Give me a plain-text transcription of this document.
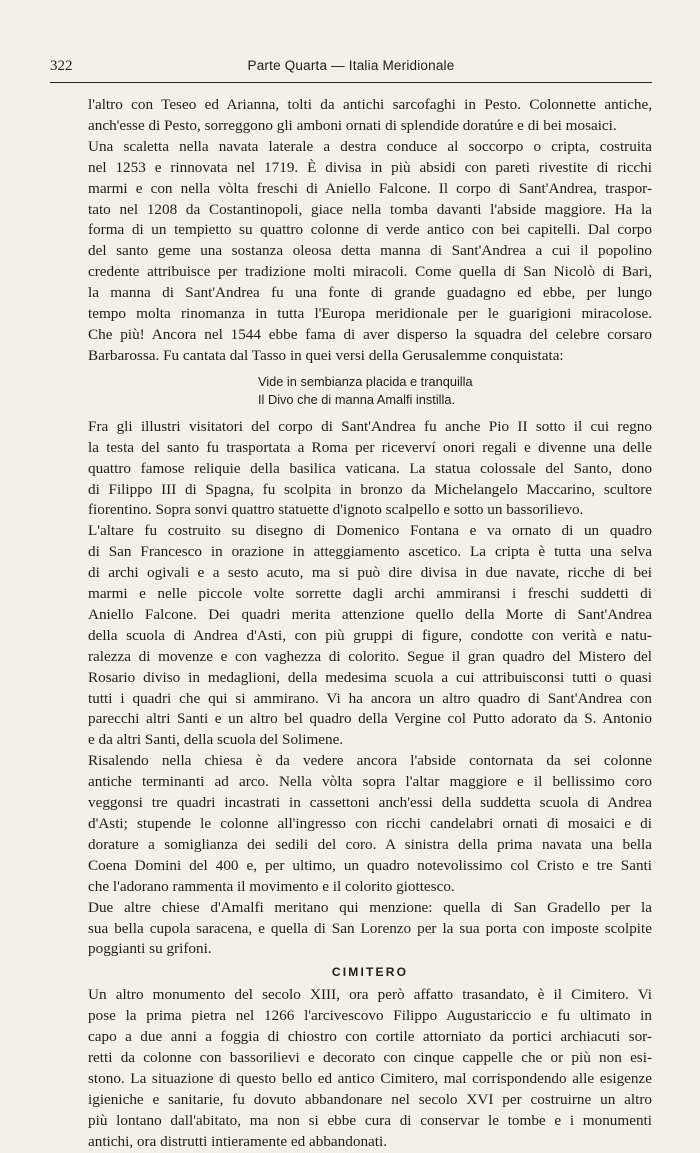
322	Parte Quarta — Italia Meridionale

l'altro con Teseo ed Arianna, tolti da antichi sarcofaghi in Pesto. Colonnette antiche,
anch'esse di Pesto, sorreggono gli amboni ornati di splendide doratúre e di bei mosaici.

Una scaletta nella navata laterale a destra conduce al soccorpo o cripta, costruita
nel 1253 e rinnovata nel 1719. È divisa in più absidi con pareti rivestite di ricchi
marmi e con nella vòlta freschi di Aniello Falcone. Il corpo di Sant'Andrea, traspor-
tato nel 1208 da Costantinopoli, giace nella tomba davanti l'abside maggiore. Ha la
forma di un tempietto su quattro colonne di verde antico con bei capitelli. Dal corpo
del santo geme una sostanza oleosa detta manna di Sant'Andrea a cui il popolino
credente attribuisce per tradizione molti miracoli. Come quella di San Nicolò di Bari,
la manna di Sant'Andrea fu una fonte di grande guadagno ed ebbe, per lungo
tempo molta rinomanza in tutta l'Europa meridionale per le guarigioni miracolose.
Che più! Ancora nel 1544 ebbe fama di aver disperso la squadra del celebre corsaro
Barbarossa. Fu cantata dal Tasso in quei versi della Gerusalemme conquistata:

Vide in sembianza placida e tranquilla
Il Divo che di manna Amalfi instilla.

Fra gli illustri visitatori del corpo di Sant'Andrea fu anche Pio II sotto il cui regno
la testa del santo fu trasportata a Roma per riceverví onori regali e divenne una delle
quattro famose reliquie della basilica vaticana. La statua colossale del Santo, dono
di Filippo III di Spagna, fu scolpita in bronzo da Michelangelo Maccarino, scultore
fiorentino. Sopra sonvi quattro statuette d'ignoto scalpello e sotto un bassorilievo.

L'altare fu costruito su disegno di Domenico Fontana e va ornato di un quadro
di San Francesco in orazione in atteggiamento ascetico. La cripta è tutta una selva
di archi ogivali e a sesto acuto, ma si può dire divisa in due navate, ricche di bei
marmi e nelle piccole volte sorrette dagli archi ammiransi i freschi suddetti di
Aniello Falcone. Dei quadri merita attenzione quello della Morte di Sant'Andrea
della scuola di Andrea d'Asti, con più gruppi di figure, condotte con verità e natu-
ralezza di movenze e con vaghezza di colorito. Segue il gran quadro del Mistero del
Rosario diviso in medaglioni, della medesima scuola a cui attribuisconsi tutti o quasi
tutti i quadri che qui si ammirano. Vi ha ancora un altro quadro di Sant'Andrea con
parecchi altri Santi e un altro bel quadro della Vergine col Putto adorato da S. Antonio
e da altri Santi, della scuola del Solimene.

Risalendo nella chiesa è da vedere ancora l'abside contornata da sei colonne
antiche terminanti ad arco. Nella vòlta sopra l'altar maggiore e il bellissimo coro
veggonsi tre quadri incastrati in cassettoni anch'essi della suddetta scuola di Andrea
d'Asti; stupende le colonne all'ingresso con ricchi candelabri ornati di mosaici e di
dorature a somiglianza dei sedili del coro. A sinistra della prima navata una bella
Coena Domini del 400 e, per ultimo, un quadro notevolissimo col Cristo e tre Santi
che l'adorano rammenta il movimento e il colorito giottesco.

Due altre chiese d'Amalfi meritano qui menzione: quella di San Gradello per la
sua bella cupola saracena, e quella di San Lorenzo per la sua porta con imposte scolpite
poggianti su grifoni.

CIMITERO

Un altro monumento del secolo XIII, ora però affatto trasandato, è il Cimitero. Vi
pose la prima pietra nel 1266 l'arcivescovo Filippo Augustariccio e fu ultimato in
capo a due anni a foggia di chiostro con cortile attorniato da portici archiacuti sor-
retti da colonne con bassorilievi e decorato con cinque cappelle che or più non esi-
stono. La situazione di questo bello ed antico Cimitero, mal corrispondendo alle esigenze
igieniche e sanitarie, fu dovuto abbandonare nel secolo XVI per costruirne un altro
più lontano dall'abitato, ma non si ebbe cura di conservar le tombe e i monumenti
antichi, ora distrutti intieramente ed abbandonati.
